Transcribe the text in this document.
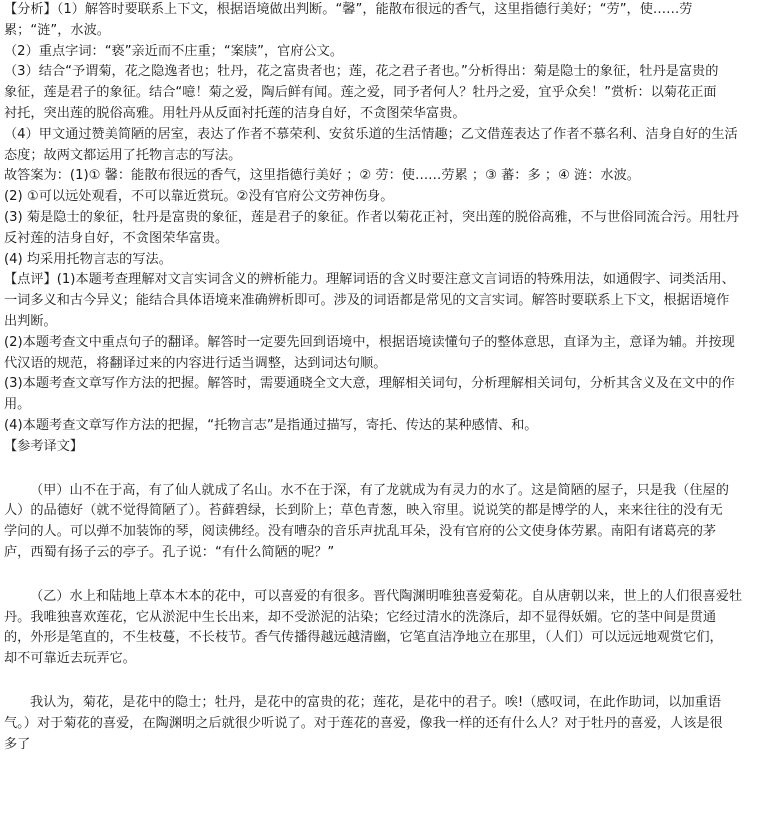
【分析】（1）解答时要联系上下文，根据语境做出判断。“馨”，能散布很远的香气，这里指德行美好；“劳”，使……劳
累；“涟”，水波。
（2）重点字词：“亵”亲近而不庄重；“案牍”，官府公文。
（3）结合“予谓菊，花之隐逸者也；牡丹，花之富贵者也；莲，花之君子者也。”分析得出：菊是隐士的象征，牡丹是富贵的
象征，莲是君子的象征。结合“噫！菊之爱，陶后鲜有闻。莲之爱，同予者何人？牡丹之爱，宜乎众矣！”赏析：以菊花正面
衬托，突出莲的脱俗高雅。用牡丹从反面衬托莲的洁身自好，不贪图荣华富贵。
（4）甲文通过赞美简陋的居室，表达了作者不慕荣利、安贫乐道的生活情趣；乙文借莲表达了作者不慕名利、洁身自好的生活
态度；故两文都运用了托物言志的写法。
故答案为：(1)① 馨：能散布很远的香气，这里指德行美好 ；② 劳：使……劳累 ；③ 蕃：多 ；④ 涟：水波。
(2) ①可以远处观看，不可以靠近赏玩。②没有官府公文劳神伤身。
(3) 菊是隐士的象征，牡丹是富贵的象征，莲是君子的象征。作者以菊花正衬，突出莲的脱俗高雅，不与世俗同流合污。用牡丹
反衬莲的洁身自好，不贪图荣华富贵。
(4) 均采用托物言志的写法。
【点评】(1)本题考查理解对文言实词含义的辨析能力。理解词语的含义时要注意文言词语的特殊用法，如通假字、词类活用、
一词多义和古今异义；能结合具体语境来准确辨析即可。涉及的词语都是常见的文言实词。解答时要联系上下文，根据语境作
出判断。
(2)本题考查文中重点句子的翻译。解答时一定要先回到语境中，根据语境读懂句子的整体意思，直译为主，意译为辅。并按现
代汉语的规范，将翻译过来的内容进行适当调整，达到词达句顺。
(3)本题考查文章写作方法的把握。解答时，需要通晓全文大意，理解相关词句，分析理解相关词句，分析其含义及在文中的作
用。
(4)本题考查文章写作方法的把握，“托物言志”是指通过描写，寄托、传达的某种感情、和。
【参考译文】
（甲）山不在于高，有了仙人就成了名山。水不在于深，有了龙就成为有灵力的水了。这是简陋的屋子，只是我（住屋的
人）的品德好（就不觉得简陋了）。苔藓碧绿，长到阶上；草色青葱，映入帘里。说说笑的都是博学的人，来来往往的没有无
学问的人。可以弹不加装饰的琴，阅读佛经。没有嘈杂的音乐声扰乱耳朵，没有官府的公文使身体劳累。南阳有诸葛亮的茅
庐，西蜀有扬子云的亭子。孔子说：“有什么简陋的呢？”
（乙）水上和陆地上草本木本的花中，可以喜爱的有很多。晋代陶渊明唯独喜爱菊花。自从唐朝以来，世上的人们很喜爱牡
丹。我唯独喜欢莲花，它从淤泥中生长出来，却不受淤泥的沾染；它经过清水的洗涤后，却不显得妖媚。它的茎中间是贯通
的，外形是笔直的，不生枝蔓，不长枝节。香气传播得越远越清幽，它笔直洁净地立在那里，（人们）可以远远地观赏它们，
却不可靠近去玩弄它。
我认为，菊花，是花中的隐士；牡丹，是花中的富贵的花；莲花，是花中的君子。唉!（感叹词，在此作助词，以加重语
气。）对于菊花的喜爱，在陶渊明之后就很少听说了。对于莲花的喜爱，像我一样的还有什么人？对于牡丹的喜爱，人该是很
多了
